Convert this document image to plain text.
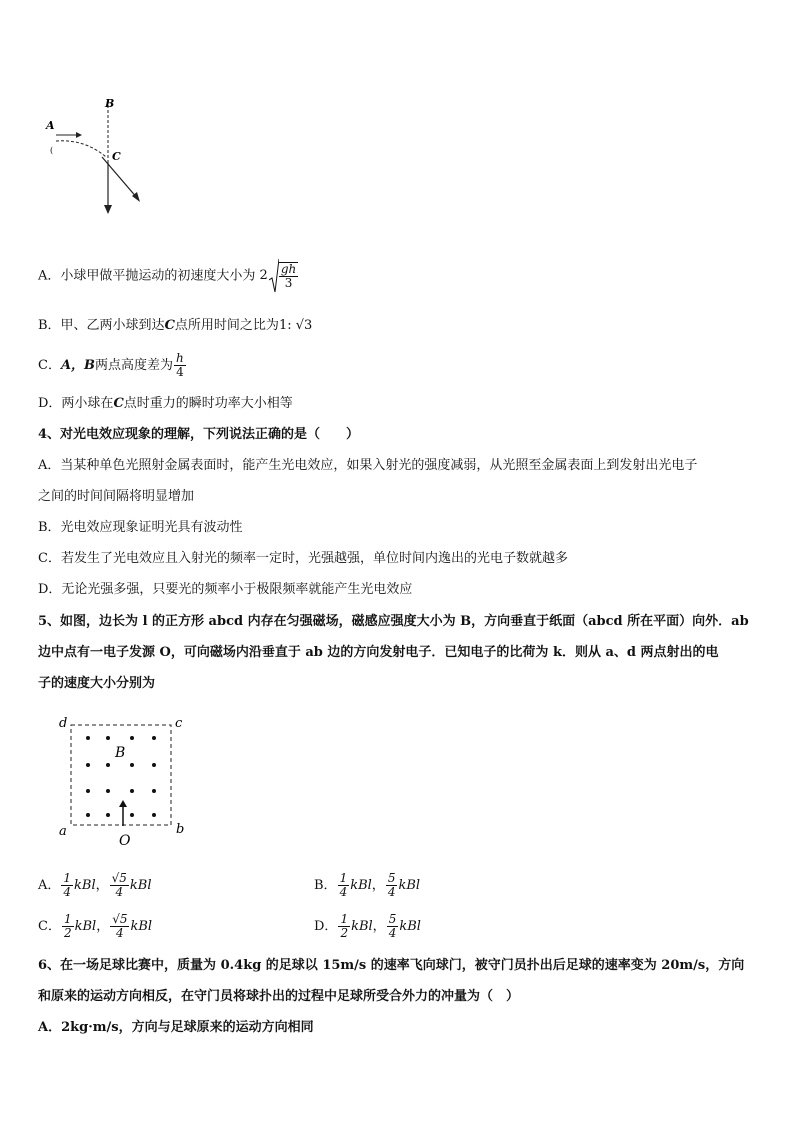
B
A
C
(
A．小球甲做平抛运动的初速度大小为 $2 \frac{gh}{3}$
B．甲、乙两小球到达C点所用时间之比为1: √3
C．A，B两点高度差为 $\frac{h}{4}$
D．两小球在C点时重力的瞬时功率大小相等
4、对光电效应现象的理解，下列说法正确的是（　　）
A．当某种单色光照射金属表面时，能产生光电效应，如果入射光的强度减弱，从光照至金属表面上到发射出光电子
之间的时间间隔将明显增加
B．光电效应现象证明光具有波动性
C．若发生了光电效应且入射光的频率一定时，光强越强，单位时间内逸出的光电子数就越多
D．无论光强多强，只要光的频率小于极限频率就能产生光电效应
5、如图，边长为 l 的正方形 abcd 内存在匀强磁场，磁感应强度大小为 B，方向垂直于纸面（abcd 所在平面）向外．ab
边中点有一电子发源 O，可向磁场内沿垂直于 ab 边的方向发射电子．已知电子的比荷为 k．则从 a、d 两点射出的电
子的速度大小分别为
d	c
a	b
B
O
A． $\frac{1}{4}$ kBl， $\frac{√5}{4}$ kBl	B． $\frac{1}{4}$ kBl， $\frac{5}{4}$ kBl
C． $\frac{1}{2}$ kBl， $\frac{√5}{4}$ kBl	D． $\frac{1}{2}$ kBl， $\frac{5}{4}$ kBl
6、在一场足球比赛中，质量为 0.4kg 的足球以 15m/s 的速率飞向球门，被守门员扑出后足球的速率变为 20m/s，方向
和原来的运动方向相反，在守门员将球扑出的过程中足球所受合外力的冲量为（　）
A．2kg·m/s，方向与足球原来的运动方向相同
